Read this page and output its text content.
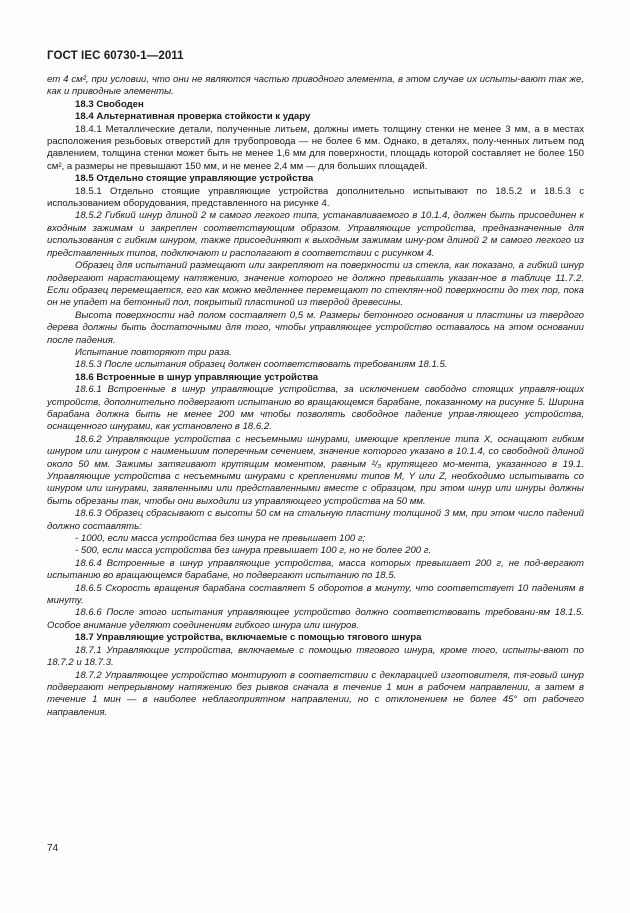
ГОСТ IEC 60730-1—2011

ет 4 см², при условии, что они не являются частью приводного элемента, в этом случае их испыты-вают так же, как и приводные элементы.

18.3 Свободен

18.4 Альтернативная проверка стойкости к удару

18.4.1 Металлические детали, полученные литьем, должны иметь толщину стенки не менее 3 мм, а в местах расположения резьбовых отверстий для трубопровода — не более 6 мм. Однако, в деталях, полу-ченных литьем под давлением, толщина стенки может быть не менее 1,6 мм для поверхности, площадь которой составляет не более 150 см², а размеры не превышают 150 мм, и не менее 2,4 мм — для больших площадей.

18.5 Отдельно стоящие управляющие устройства

18.5.1 Отдельно стоящие управляющие устройства дополнительно испытывают по 18.5.2 и 18.5.3 с использованием оборудования, представленного на рисунке 4.

18.5.2 Гибкий шнур длиной 2 м самого легкого типа, устанавливаемого в 10.1.4, должен быть присоединен к входным зажимам и закреплен соответствующим образом. Управляющие устройства, предназначенные для использования с гибким шнуром, также присоединяют к выходным зажимам шну-ром длиной 2 м самого легкого из представленных типов, подключают и располагают в соответствии с рисунком 4.

Образец для испытаний размещают или закрепляют на поверхности из стекла, как показано, а гибкий шнур подвергают нарастающему натяжению, значение которого не должно превышать указан-ное в таблице 11.7.2. Если образец перемещается, его как можно медленнее перемещают по стеклян-ной поверхности до тех пор, пока он не упадет на бетонный пол, покрытый пластиной из твердой древесины.

Высота поверхности над полом составляет 0,5 м. Размеры бетонного основания и пластины из твердого дерева должны быть достаточными для того, чтобы управляющее устройство оставалось на этом основании после падения.

Испытание повторяют три раза.

18.5.3 После испытания образец должен соответствовать требованиям 18.1.5.

18.6 Встроенные в шнур управляющие устройства

18.6.1 Встроенные в шнур управляющие устройства, за исключением свободно стоящих управля-ющих устройств, дополнительно подвергают испытанию во вращающемся барабане, показанному на рисунке 5. Ширина барабана должна быть не менее 200 мм чтобы позволять свободное падение управ-ляющего устройства, оснащенного шнурами, как установлено в 18.6.2.

18.6.2 Управляющие устройства с несъемными шнурами, имеющие крепление типа X, оснащают гибким шнуром или шнуром с наименьшим поперечным сечением, значение которого указано в 10.1.4, со свободной длиной около 50 мм. Зажимы затягивают крутящим моментом, равным ²/₃ крутящего мо-мента, указанного в 19.1. Управляющие устройства с несъемными шнурами с креплениями типов M, Y или Z, необходимо испытывать со шнуром или шнурами, заявленными или представленными вместе с образцом, при этом шнур или шнуры должны быть обрезаны так, чтобы они выходили из управляющего устройства на 50 мм.

18.6.3 Образец сбрасывают с высоты 50 см на стальную пластину толщиной 3 мм, при этом число падений должно составлять:

- 1000, если масса устройства без шнура не превышает 100 г;

- 500, если масса устройства без шнура превышает 100 г, но не более 200 г.

18.6.4 Встроенные в шнур управляющие устройства, масса которых превышает 200 г, не под-вергают испытанию во вращающемся барабане, но подвергают испытанию по 18.5.

18.6.5 Скорость вращения барабана составляет 5 оборотов в минуту, что соответствует 10 падениям в минуту.

18.6.6 После этого испытания управляющее устройство должно соответствовать требовани-ям 18.1.5. Особое внимание уделяют соединениям гибкого шнура или шнуров.

18.7 Управляющие устройства, включаемые с помощью тягового шнура

18.7.1 Управляющие устройства, включаемые с помощью тягового шнура, кроме того, испыты-вают по 18.7.2 и 18.7.3.

18.7.2 Управляющее устройство монтируют в соответствии с декларацией изготовителя, тя-говый шнур подвергают непрерывному натяжению без рывков сначала в течение 1 мин в рабочем направлении, а затем в течение 1 мин — в наиболее неблагоприятном направлении, но с отклонением не более 45° от рабочего направления.

74
